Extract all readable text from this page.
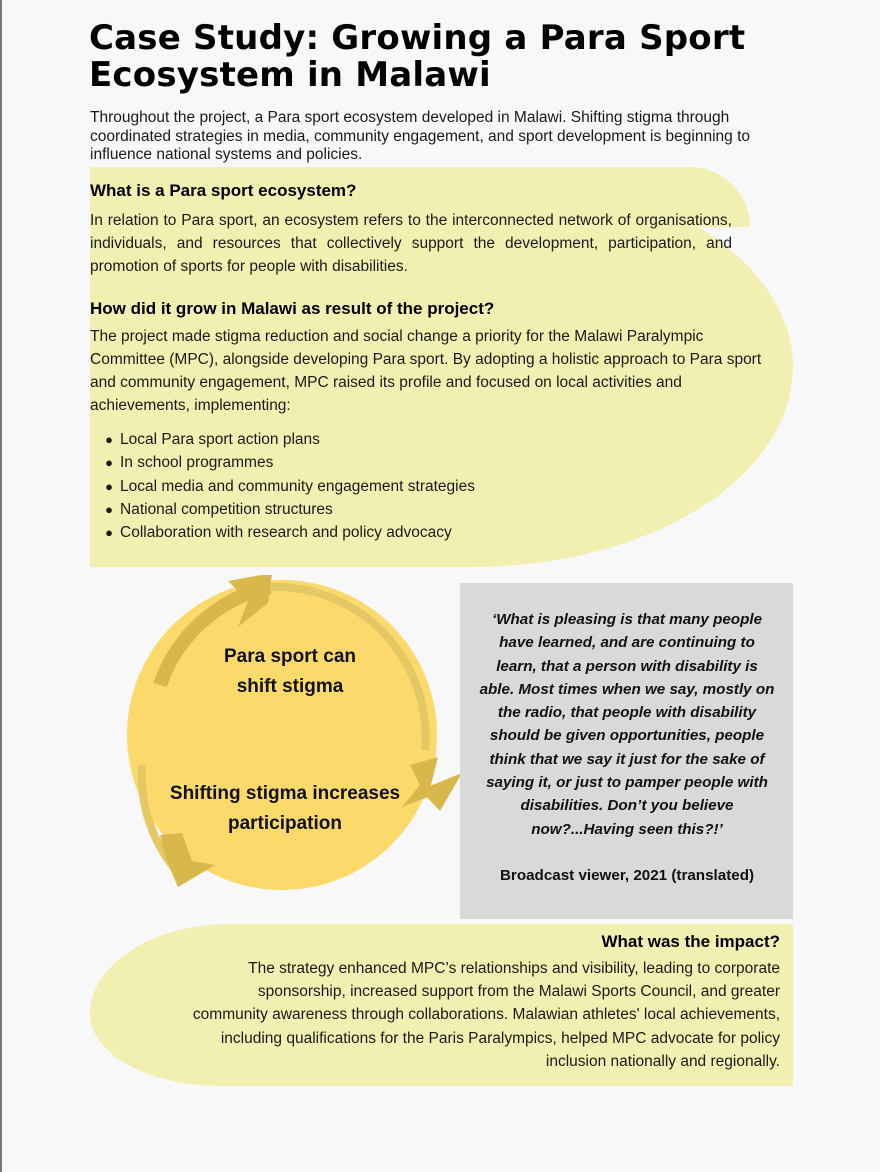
Case Study: Growing a Para Sport Ecosystem in Malawi

Throughout the project, a Para sport ecosystem developed in Malawi. Shifting stigma through coordinated strategies in media, community engagement, and sport development is beginning to influence national systems and policies.

What is a Para sport ecosystem?

In relation to Para sport, an ecosystem refers to the interconnected network of organisations, individuals, and resources that collectively support the development, participation, and promotion of sports for people with disabilities.

How did it grow in Malawi as result of the project?

The project made stigma reduction and social change a priority for the Malawi Paralympic Committee (MPC), alongside developing Para sport. By adopting a holistic approach to Para sport and community engagement, MPC raised its profile and focused on local activities and achievements, implementing:

● Local Para sport action plans
● In school programmes
● Local media and community engagement strategies
● National competition structures
● Collaboration with research and policy advocacy

Para sport can
shift stigma

Shifting stigma increases
participation

‘What is pleasing is that many people have learned, and are continuing to learn, that a person with disability is able. Most times when we say, mostly on the radio, that people with disability should be given opportunities, people think that we say it just for the sake of saying it, or just to pamper people with disabilities. Don’t you believe now?...Having seen this?!’

Broadcast viewer, 2021 (translated)

What was the impact?

The strategy enhanced MPC’s relationships and visibility, leading to corporate sponsorship, increased support from the Malawi Sports Council, and greater community awareness through collaborations. Malawian athletes' local achievements, including qualifications for the Paris Paralympics, helped MPC advocate for policy inclusion nationally and regionally.
